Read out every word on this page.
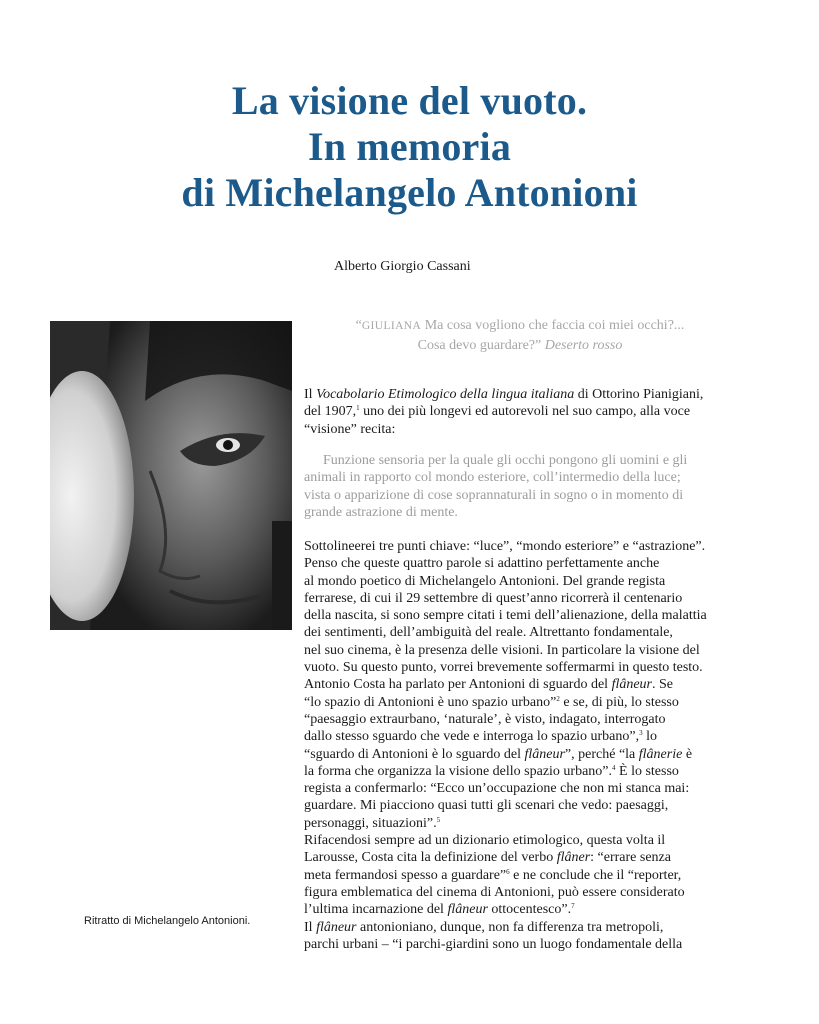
La visione del vuoto.
In memoria
di Michelangelo Antonioni
Alberto Giorgio Cassani
“GIULIANA Ma cosa vogliono che faccia coi miei occhi?...
Cosa devo guardare?” Deserto rosso
Il Vocabolario Etimologico della lingua italiana di Ottorino Pianigiani,
del 1907,$^1$ uno dei più longevi ed autorevoli nel suo campo, alla voce
“visione” recita:
Funzione sensoria per la quale gli occhi pongono gli uomini e gli
animali in rapporto col mondo esteriore, coll’intermedio della luce;
vista o apparizione di cose soprannaturali in sogno o in momento di
grande astrazione di mente.
Sottolineerei tre punti chiave: “luce”, “mondo esteriore” e “astrazione”.
Penso che queste quattro parole si adattino perfettamente anche
al mondo poetico di Michelangelo Antonioni. Del grande regista
ferrarese, di cui il 29 settembre di quest’anno ricorrerà il centenario
della nascita, si sono sempre citati i temi dell’alienazione, della malattia
dei sentimenti, dell’ambiguità del reale. Altrettanto fondamentale,
nel suo cinema, è la presenza delle visioni. In particolare la visione del
vuoto. Su questo punto, vorrei brevemente soffermarmi in questo testo.
Antonio Costa ha parlato per Antonioni di sguardo del flâneur. Se
“lo spazio di Antonioni è uno spazio urbano”$^2$ e se, di più, lo stesso
“paesaggio extraurbano, ‘naturale’, è visto, indagato, interrogato
dallo stesso sguardo che vede e interroga lo spazio urbano”,$^3$ lo
“sguardo di Antonioni è lo sguardo del flâneur”, perché “la flânerie è
la forma che organizza la visione dello spazio urbano”.$^4$ È lo stesso
regista a confermarlo: “Ecco un’occupazione che non mi stanca mai:
guardare. Mi piacciono quasi tutti gli scenari che vedo: paesaggi,
personaggi, situazioni”.$^5$
Rifacendosi sempre ad un dizionario etimologico, questa volta il
Larousse, Costa cita la definizione del verbo flâner: “errare senza
meta fermandosi spesso a guardare”$^6$ e ne conclude che il “reporter,
figura emblematica del cinema di Antonioni, può essere considerato
l’ultima incarnazione del flâneur ottocentesco”.$^7$
Il flâneur antonioniano, dunque, non fa differenza tra metropoli,
parchi urbani – “i parchi-giardini sono un luogo fondamentale della
Ritratto di Michelangelo Antonioni.
